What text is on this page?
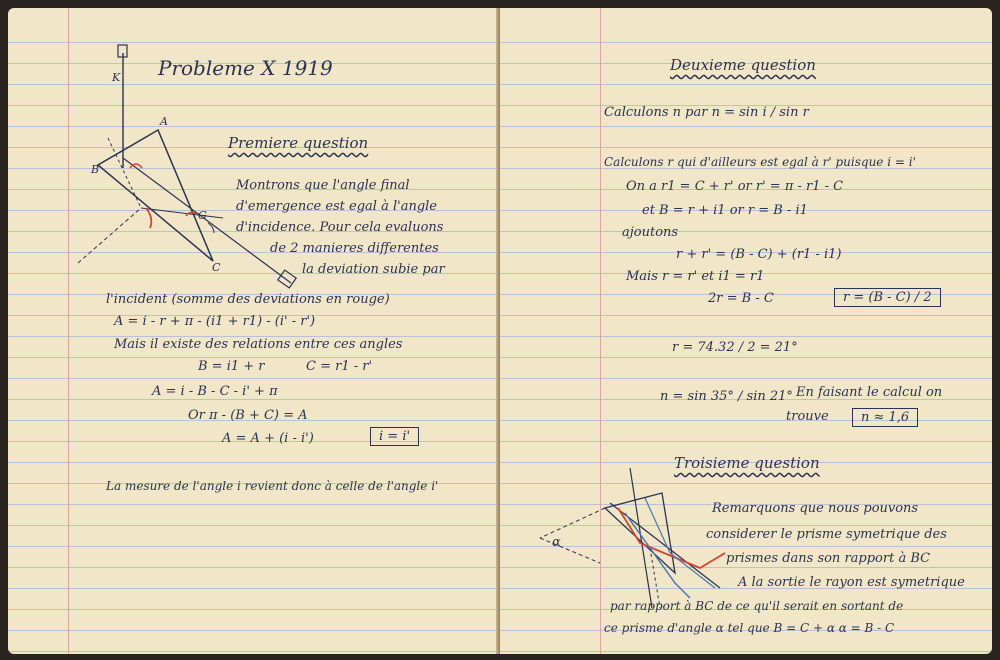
K
A
B
C
G
Probleme X 1919
Premiere question
Montrons que l'angle final
d'emergence est egal à l'angle
d'incidence. Pour cela evaluons
de 2 manieres differentes
la deviation subie par
l'incident (somme des deviations en rouge)
A = i - r + π - (i1 + r1) - (i' - r')
Mais il existe des relations entre ces angles
B = i1 + r	C = r1 - r'
A = i - B - C - i' + π
Or π - (B + C) = A
A = A + (i - i')	i = i'
La mesure de l'angle i revient donc à celle de l'angle i'
Deuxieme question
Calculons n par n = sin i / sin r
Calculons r qui d'ailleurs est egal à r' puisque i = i'
On a r1 = C + r' or r' = π - r1 - C
et B = r + i1 or r = B - i1
ajoutons
r + r' = (B - C) + (r1 - i1)
Mais r = r' et i1 = r1
2r = B - C	r = (B - C) / 2
r = 74.32 / 2 = 21°
n = sin 35° / sin 21° En faisant le calcul on
trouve	n ≈ 1,6
Troisieme question
α
Remarquons que nous pouvons
considerer le prisme symetrique des
prismes dans son rapport à BC
A la sortie le rayon est symetrique
par rapport à BC de ce qu'il serait en sortant de
ce prisme d'angle α tel que B = C + α α = B - C
